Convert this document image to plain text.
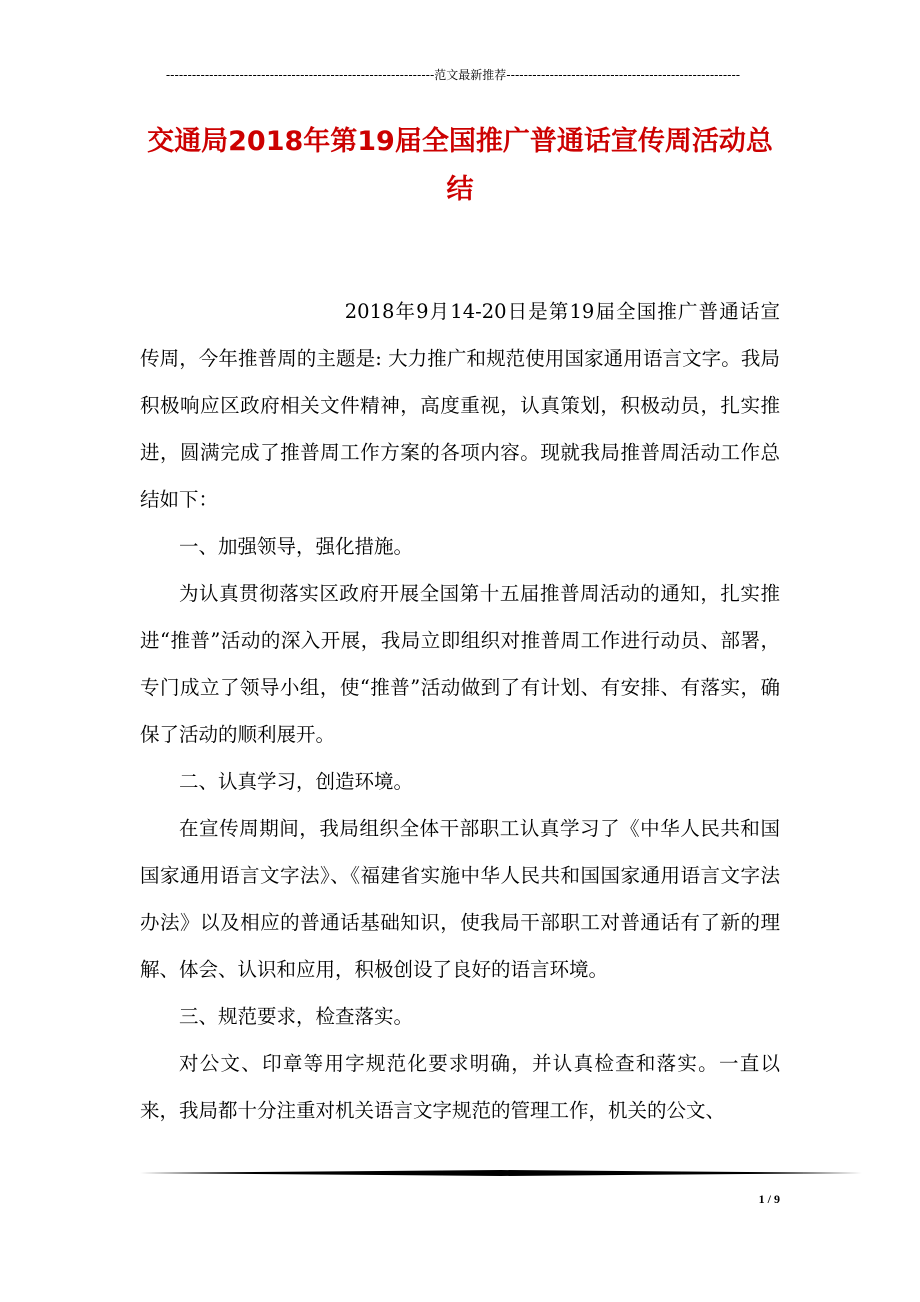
--------------------------------------------------------------范文最新推荐------------------------------------------------------
交通局2018年第19届全国推广普通话宣传周活动总结

2018年9月14-20日是第19届全国推广普通话宣传周，今年推普周的主题是: 大力推广和规范使用国家通用语言文字。我局积极响应区政府相关文件精神，高度重视，认真策划，积极动员，扎实推进，圆满完成了推普周工作方案的各项内容。现就我局推普周活动工作总结如下：

一、加强领导，强化措施。

为认真贯彻落实区政府开展全国第十五届推普周活动的通知，扎实推进“推普”活动的深入开展，我局立即组织对推普周工作进行动员、部署，专门成立了领导小组，使“推普”活动做到了有计划、有安排、有落实，确保了活动的顺利展开。

二、认真学习，创造环境。

在宣传周期间，我局组织全体干部职工认真学习了《中华人民共和国国家通用语言文字法》、《福建省实施中华人民共和国国家通用语言文字法办法》以及相应的普通话基础知识，使我局干部职工对普通话有了新的理解、体会、认识和应用，积极创设了良好的语言环境。

三、规范要求，检查落实。

对公文、印章等用字规范化要求明确，并认真检查和落实。一直以来，我局都十分注重对机关语言文字规范的管理工作，机关的公文、

1 / 9
